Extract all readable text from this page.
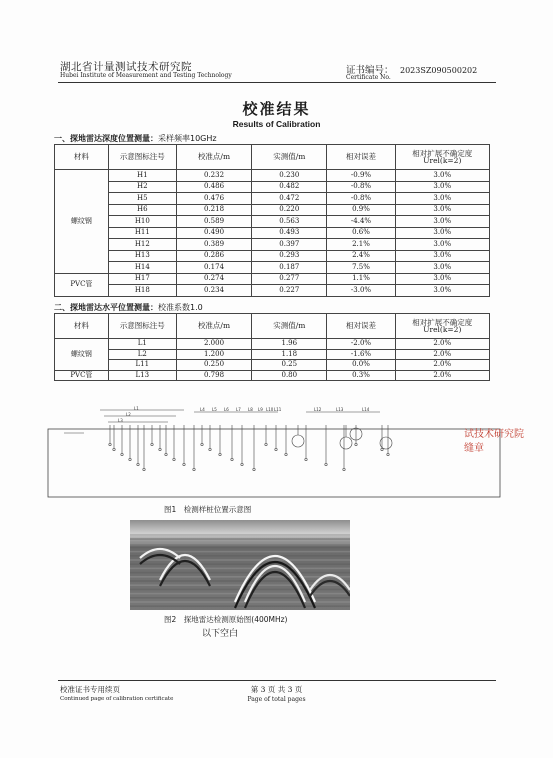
湖北省计量测试技术研究院
Hubei Institute of Measurement and Testing Technology	证书编号：
Certificate No.
2023SZ090500202
校准结果
Results of Calibration
一、探地雷达深度位置测量：采样频率10GHz
材料	示意图标注号	校准点/m	实测值/m	相对误差	相对扩展不确定度Urel(k=2)
螺纹钢	H1	0.232	0.230	-0.9%	3.0%
	H2	0.486	0.482	-0.8%	3.0%
	H5	0.476	0.472	-0.8%	3.0%
	H6	0.218	0.220	0.9%	3.0%
	H10	0.589	0.563	-4.4%	3.0%
	H11	0.490	0.493	0.6%	3.0%
	H12	0.389	0.397	2.1%	3.0%
	H13	0.286	0.293	2.4%	3.0%
	H14	0.174	0.187	7.5%	3.0%
PVC管	H17	0.274	0.277	1.1%	3.0%
	H18	0.234	0.227	-3.0%	3.0%
二、探地雷达水平位置测量：校准系数1.0
材料	示意图标注号	校准点/m	实测值/m	相对误差	相对扩展不确定度Urel(k=2)
螺纹钢	L1	2.000	1.96	-2.0%	2.0%
	L2	1.200	1.18	-1.6%	2.0%
	L11	0.250	0.25	0.0%	2.0%
PVC管	L13	0.798	0.80	0.3%	2.0%
L1
L2
L3
L4 L5 L6 L7 L8 L9 L10 L11	L12	L13	L14
图1　检测样桩位置示意图
图2　探地雷达检测原始图(400MHz)
以下空白
试技术研究院
缝章
校准证书专用续页
Continued page of calibration certificate
第 3 页 共 3 页
Page of total pages
